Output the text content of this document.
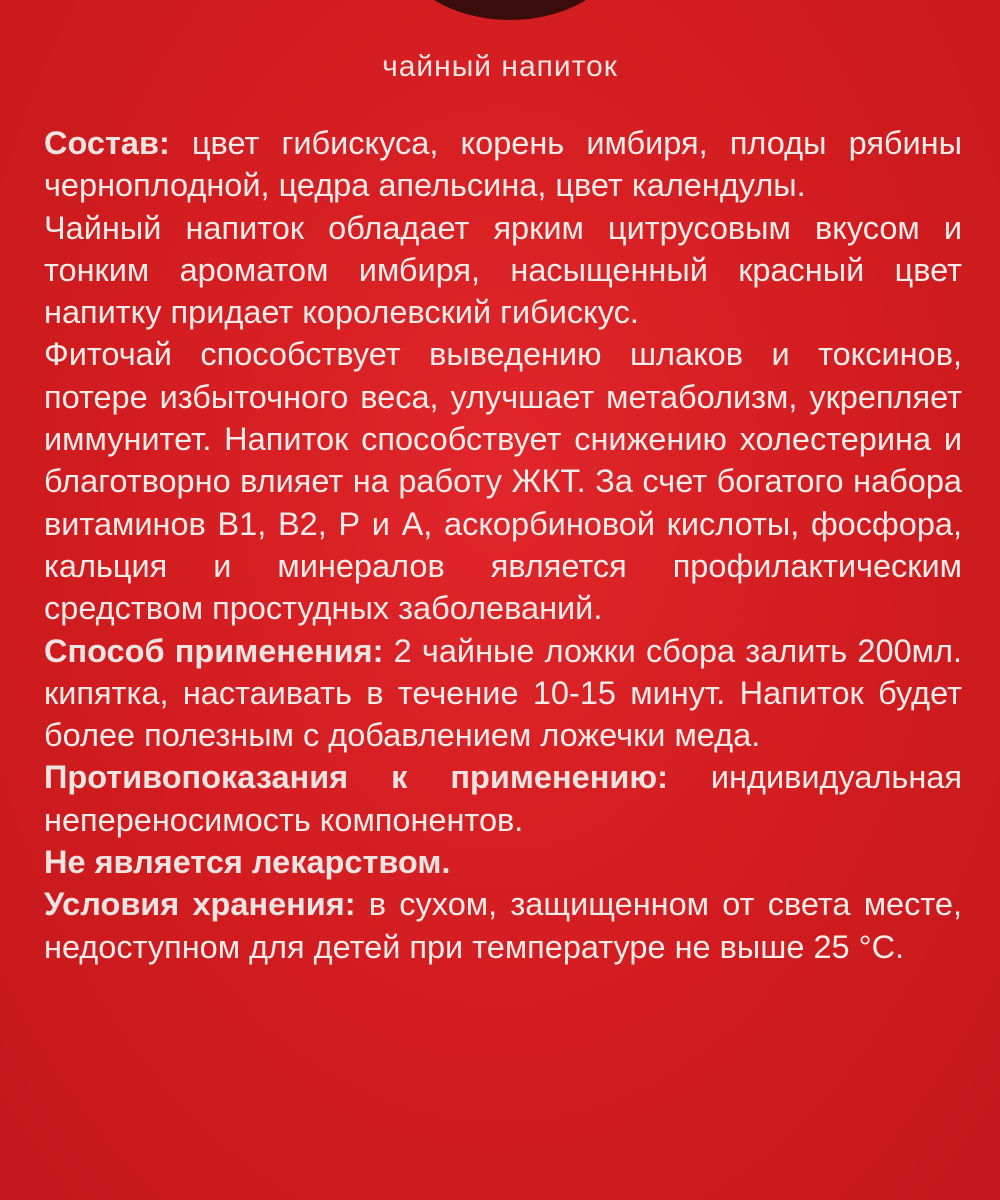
чайный напиток

Состав: цвет гибискуса, корень имбиря, плоды рябины черноплодной, цедра апельсина, цвет календулы.

Чайный напиток обладает ярким цитрусовым вкусом и тонким ароматом имбиря, насыщенный красный цвет напитку придает королевский гибискус.

Фиточай способствует выведению шлаков и токсинов, потере избыточного веса, улучшает метаболизм, укрепляет иммунитет. Напиток способствует снижению холестерина и благотворно влияет на работу ЖКТ. За счет богатого набора витаминов В1, В2, Р и А, аскорбиновой кислоты, фосфора, кальция и минералов является профилактическим средством простудных заболеваний.

Способ применения: 2 чайные ложки сбора залить 200мл. кипятка, настаивать в течение 10-15 минут. Напиток будет более полезным с добавлением ложечки меда.

Противопоказания к применению: индивидуальная непереносимость компонентов.

Не является лекарством.

Условия хранения: в сухом, защищенном от света месте, недоступном для детей при температуре не выше 25 °С.
